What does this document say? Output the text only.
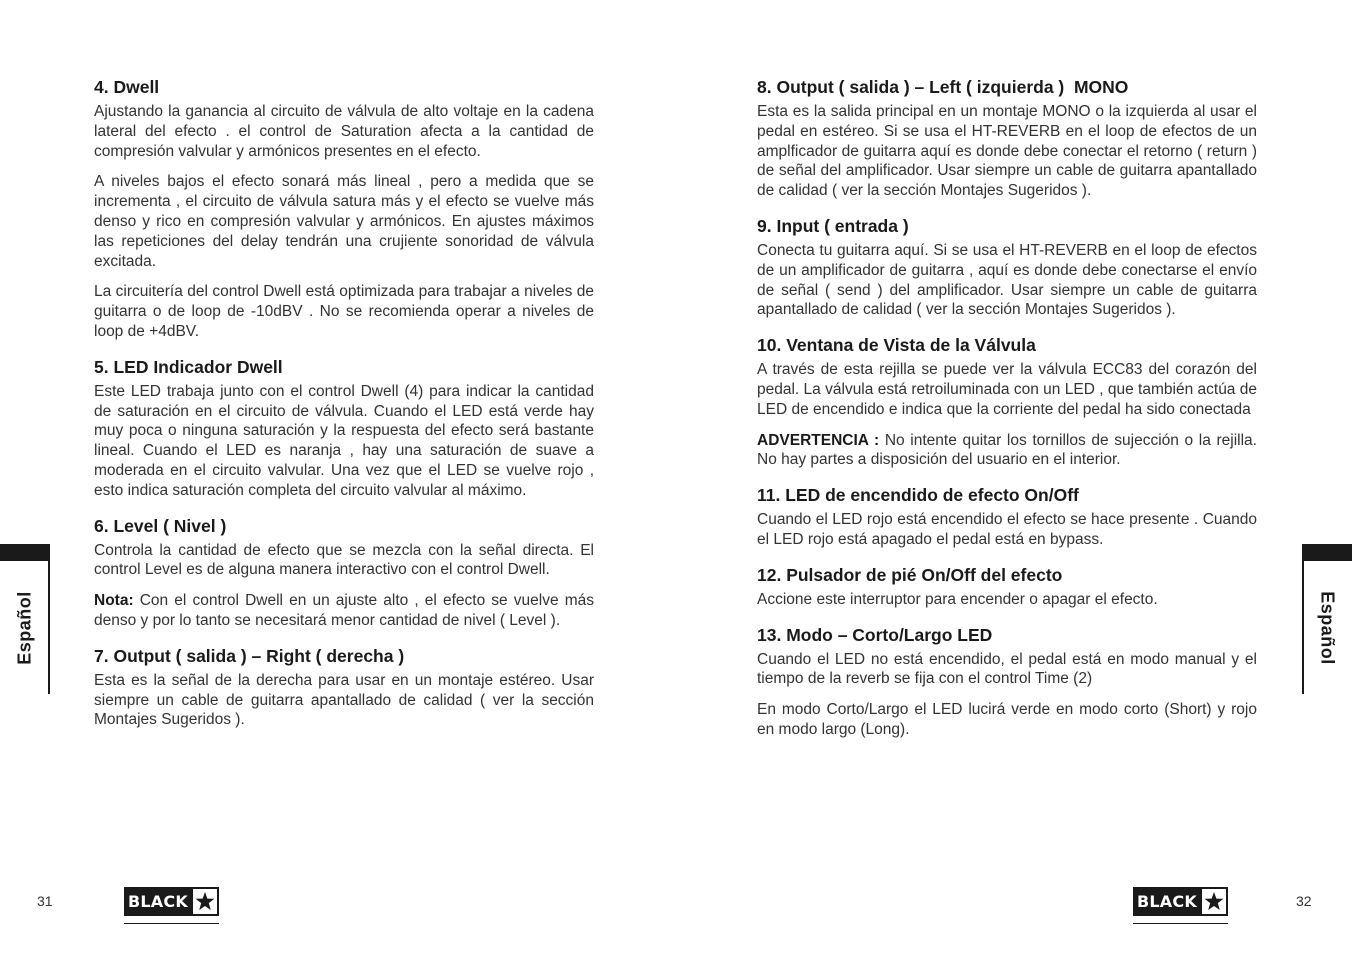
4. Dwell

Ajustando la ganancia al circuito de válvula de alto voltaje en la cadena lateral del efecto . el control de Saturation afecta a la cantidad de compresión valvular y armónicos presentes en el efecto.

A niveles bajos el efecto sonará más lineal , pero a medida que se incrementa , el circuito de válvula satura más y el efecto se vuelve más denso y rico en compresión valvular y armónicos. En ajustes máximos las repeticiones del delay tendrán una crujiente sonoridad de válvula excitada.

La circuitería del control Dwell está optimizada para trabajar a niveles de guitarra o de loop de -10dBV . No se recomienda operar a niveles de loop de +4dBV.

5. LED Indicador Dwell

Este LED trabaja junto con el control Dwell (4) para indicar la cantidad de saturación en el circuito de válvula. Cuando el LED está verde hay muy poca o ninguna saturación y la respuesta del efecto será bastante lineal. Cuando el LED es naranja , hay una saturación de suave a moderada en el circuito valvular. Una vez que el LED se vuelve rojo , esto indica saturación completa del circuito valvular al máximo.

6. Level ( Nivel )

Controla la cantidad de efecto que se mezcla con la señal directa. El control Level es de alguna manera interactivo con el control Dwell.

Nota: Con el control Dwell en un ajuste alto , el efecto se vuelve más denso y por lo tanto se necesitará menor cantidad de nivel ( Level ).

7. Output ( salida ) – Right ( derecha )

Esta es la señal de la derecha para usar en un montaje estéreo. Usar siempre un cable de guitarra apantallado de calidad ( ver la sección Montajes Sugeridos ).

8. Output ( salida ) – Left ( izquierda )  MONO

Esta es la salida principal en un montaje MONO o la izquierda al usar el pedal en estéreo. Si se usa el HT-REVERB en el loop de efectos de un amplficador de guitarra aquí es donde debe conectar el retorno ( return ) de señal del amplificador. Usar siempre un cable de guitarra apantallado de calidad ( ver la sección Montajes Sugeridos ).

9. Input ( entrada )

Conecta tu guitarra aquí. Si se usa el HT-REVERB en el loop de efectos de un amplificador de guitarra , aquí es donde debe conectarse el envío de señal ( send ) del amplificador. Usar siempre un cable de guitarra apantallado de calidad ( ver la sección Montajes Sugeridos ).

10. Ventana de Vista de la Válvula

A través de esta rejilla se puede ver la válvula ECC83 del corazón del pedal. La válvula está retroiluminada con un LED , que también actúa de LED de encendido e indica que la corriente del pedal ha sido conectada

ADVERTENCIA : No intente quitar los tornillos de sujección o la rejilla. No hay partes a disposición del usuario en el interior.

11. LED de encendido de efecto On/Off

Cuando el LED rojo está encendido el efecto se hace presente . Cuando el LED rojo está apagado el pedal está en bypass.

12. Pulsador de pié On/Off del efecto

Accione este interruptor para encender o apagar el efecto.

13. Modo – Corto/Largo LED

Cuando el LED no está encendido, el pedal está en modo manual y el tiempo de la reverb se fija con el control Time (2)

En modo Corto/Largo el LED lucirá verde en modo corto (Short) y rojo en modo largo (Long).

Español	Español
31	BLACK	32
BLACK
